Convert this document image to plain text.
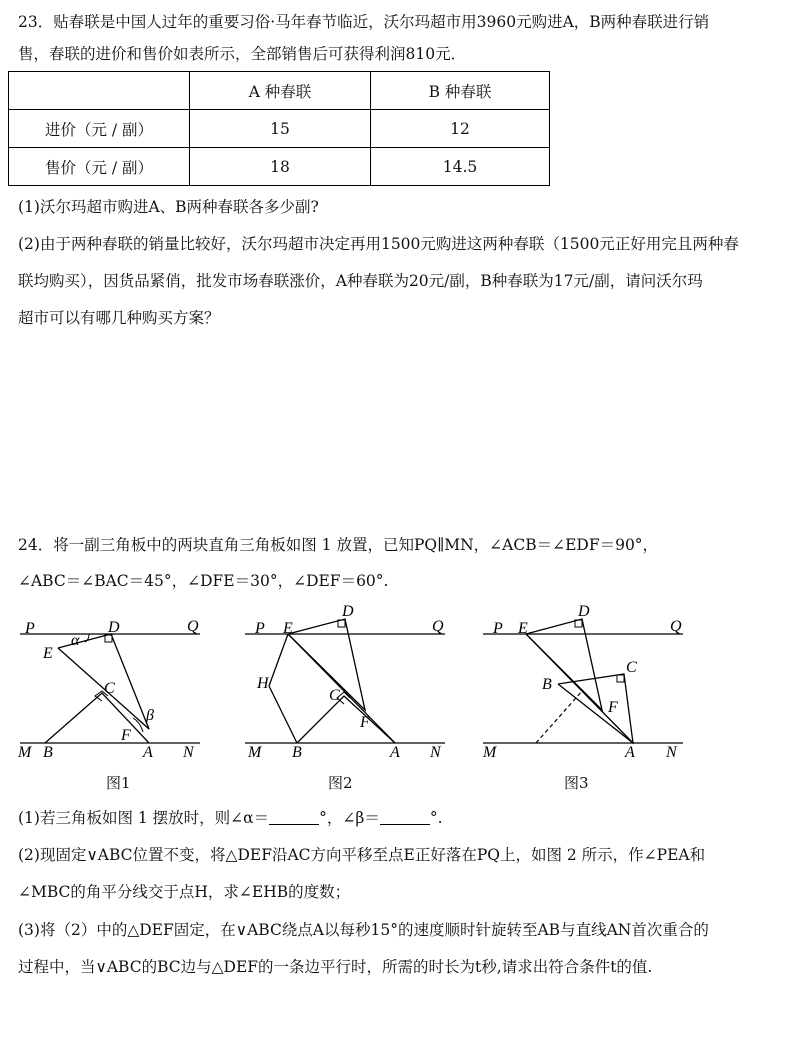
23．贴春联是中国人过年的重要习俗·马年春节临近，沃尔玛超市用3960元购进A，B两种春联进行销
售，春联的进价和售价如表所示，全部销售后可获得利润810元．
	A 种春联	B 种春联
进价（元 / 副）	15	12
售价（元 / 副）	18	14.5
(1)沃尔玛超市购进A、B两种春联各多少副?
(2)由于两种春联的销量比较好，沃尔玛超市决定再用1500元购进这两种春联（1500元正好用完且两种春
联均购买），因货品紧俏，批发市场春联涨价，A种春联为20元/副，B种春联为17元/副，请问沃尔玛
超市可以有哪几种购买方案？
24．将一副三角板中的两块直角三角板如图 1 放置，已知PQ∥MN，∠ACB＝∠EDF＝90°，
∠ABC＝∠BAC＝45°，∠DFE＝30°，∠DEF＝60°.
P	Q
D
α
E
C
β
F
M B	A N
P E
D
Q
H
C
F
M B	A N
P E
D
Q
C
B
F
M	A N
图1	图2	图3
(1)若三角板如图 1 摆放时，则∠α＝	°，∠β＝	°.
(2)现固定∨ABC位置不变，将△DEF沿AC方向平移至点E正好落在PQ上，如图 2 所示，作∠PEA和
∠MBC的角平分线交于点H，求∠EHB的度数；
(3)将（2）中的△DEF固定，在∨ABC绕点A以每秒15°的速度顺时针旋转至AB与直线AN首次重合的
过程中，当∨ABC的BC边与△DEF的一条边平行时，所需的时长为t秒,请求出符合条件t的值.
